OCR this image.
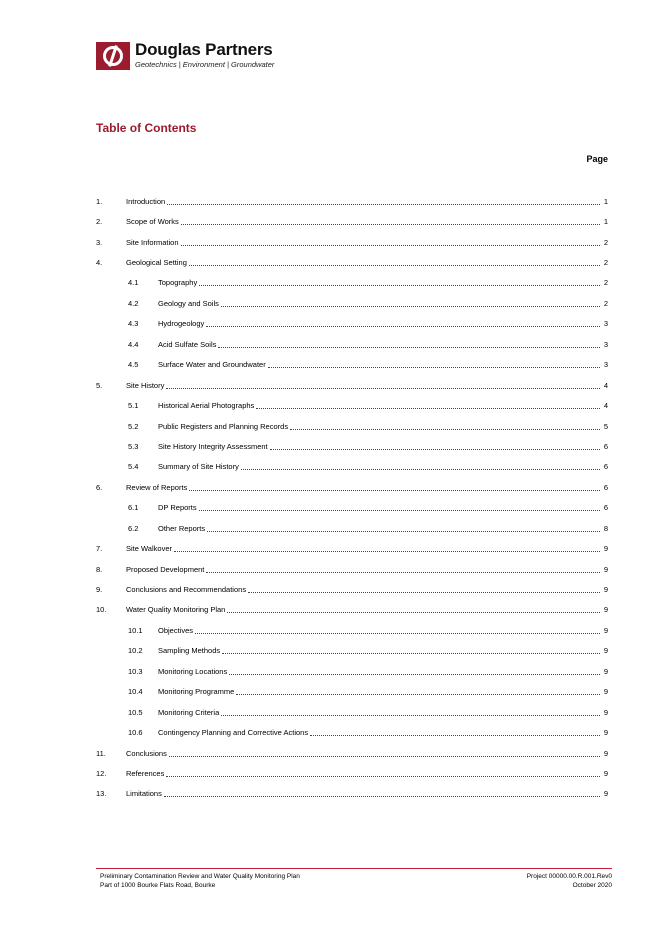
Douglas Partners
Geotechnics | Environment | Groundwater
Table of Contents
Page
1.	Introduction	1
2.	Scope of Works	1
3.	Site Information	2
4.	Geological Setting	2
4.1	Topography	2
4.2	Geology and Soils	2
4.3	Hydrogeology	3
4.4	Acid Sulfate Soils	3
4.5	Surface Water and Groundwater	3
5.	Site History	4
5.1	Historical Aerial Photographs	4
5.2	Public Registers and Planning Records	5
5.3	Site History Integrity Assessment	6
5.4	Summary of Site History	6
6.	Review of Reports	6
6.1	DP Reports	6
6.2	Other Reports	8
7.	Site Walkover	9
8.	Proposed Development	9
9.	Conclusions and Recommendations	9
10.	Water Quality Monitoring Plan	9
10.1	Objectives	9
10.2	Sampling Methods	9
10.3	Monitoring Locations	9
10.4	Monitoring Programme	9
10.5	Monitoring Criteria	9
10.6	Contingency Planning and Corrective Actions	9
11.	Conclusions	9
12.	References	9
13.	Limitations	9
Preliminary Contamination Review and Water Quality Monitoring Plan
Part of 1000 Bourke Flats Road, Bourke
Project 00000.00.R.001.Rev0
October 2020
